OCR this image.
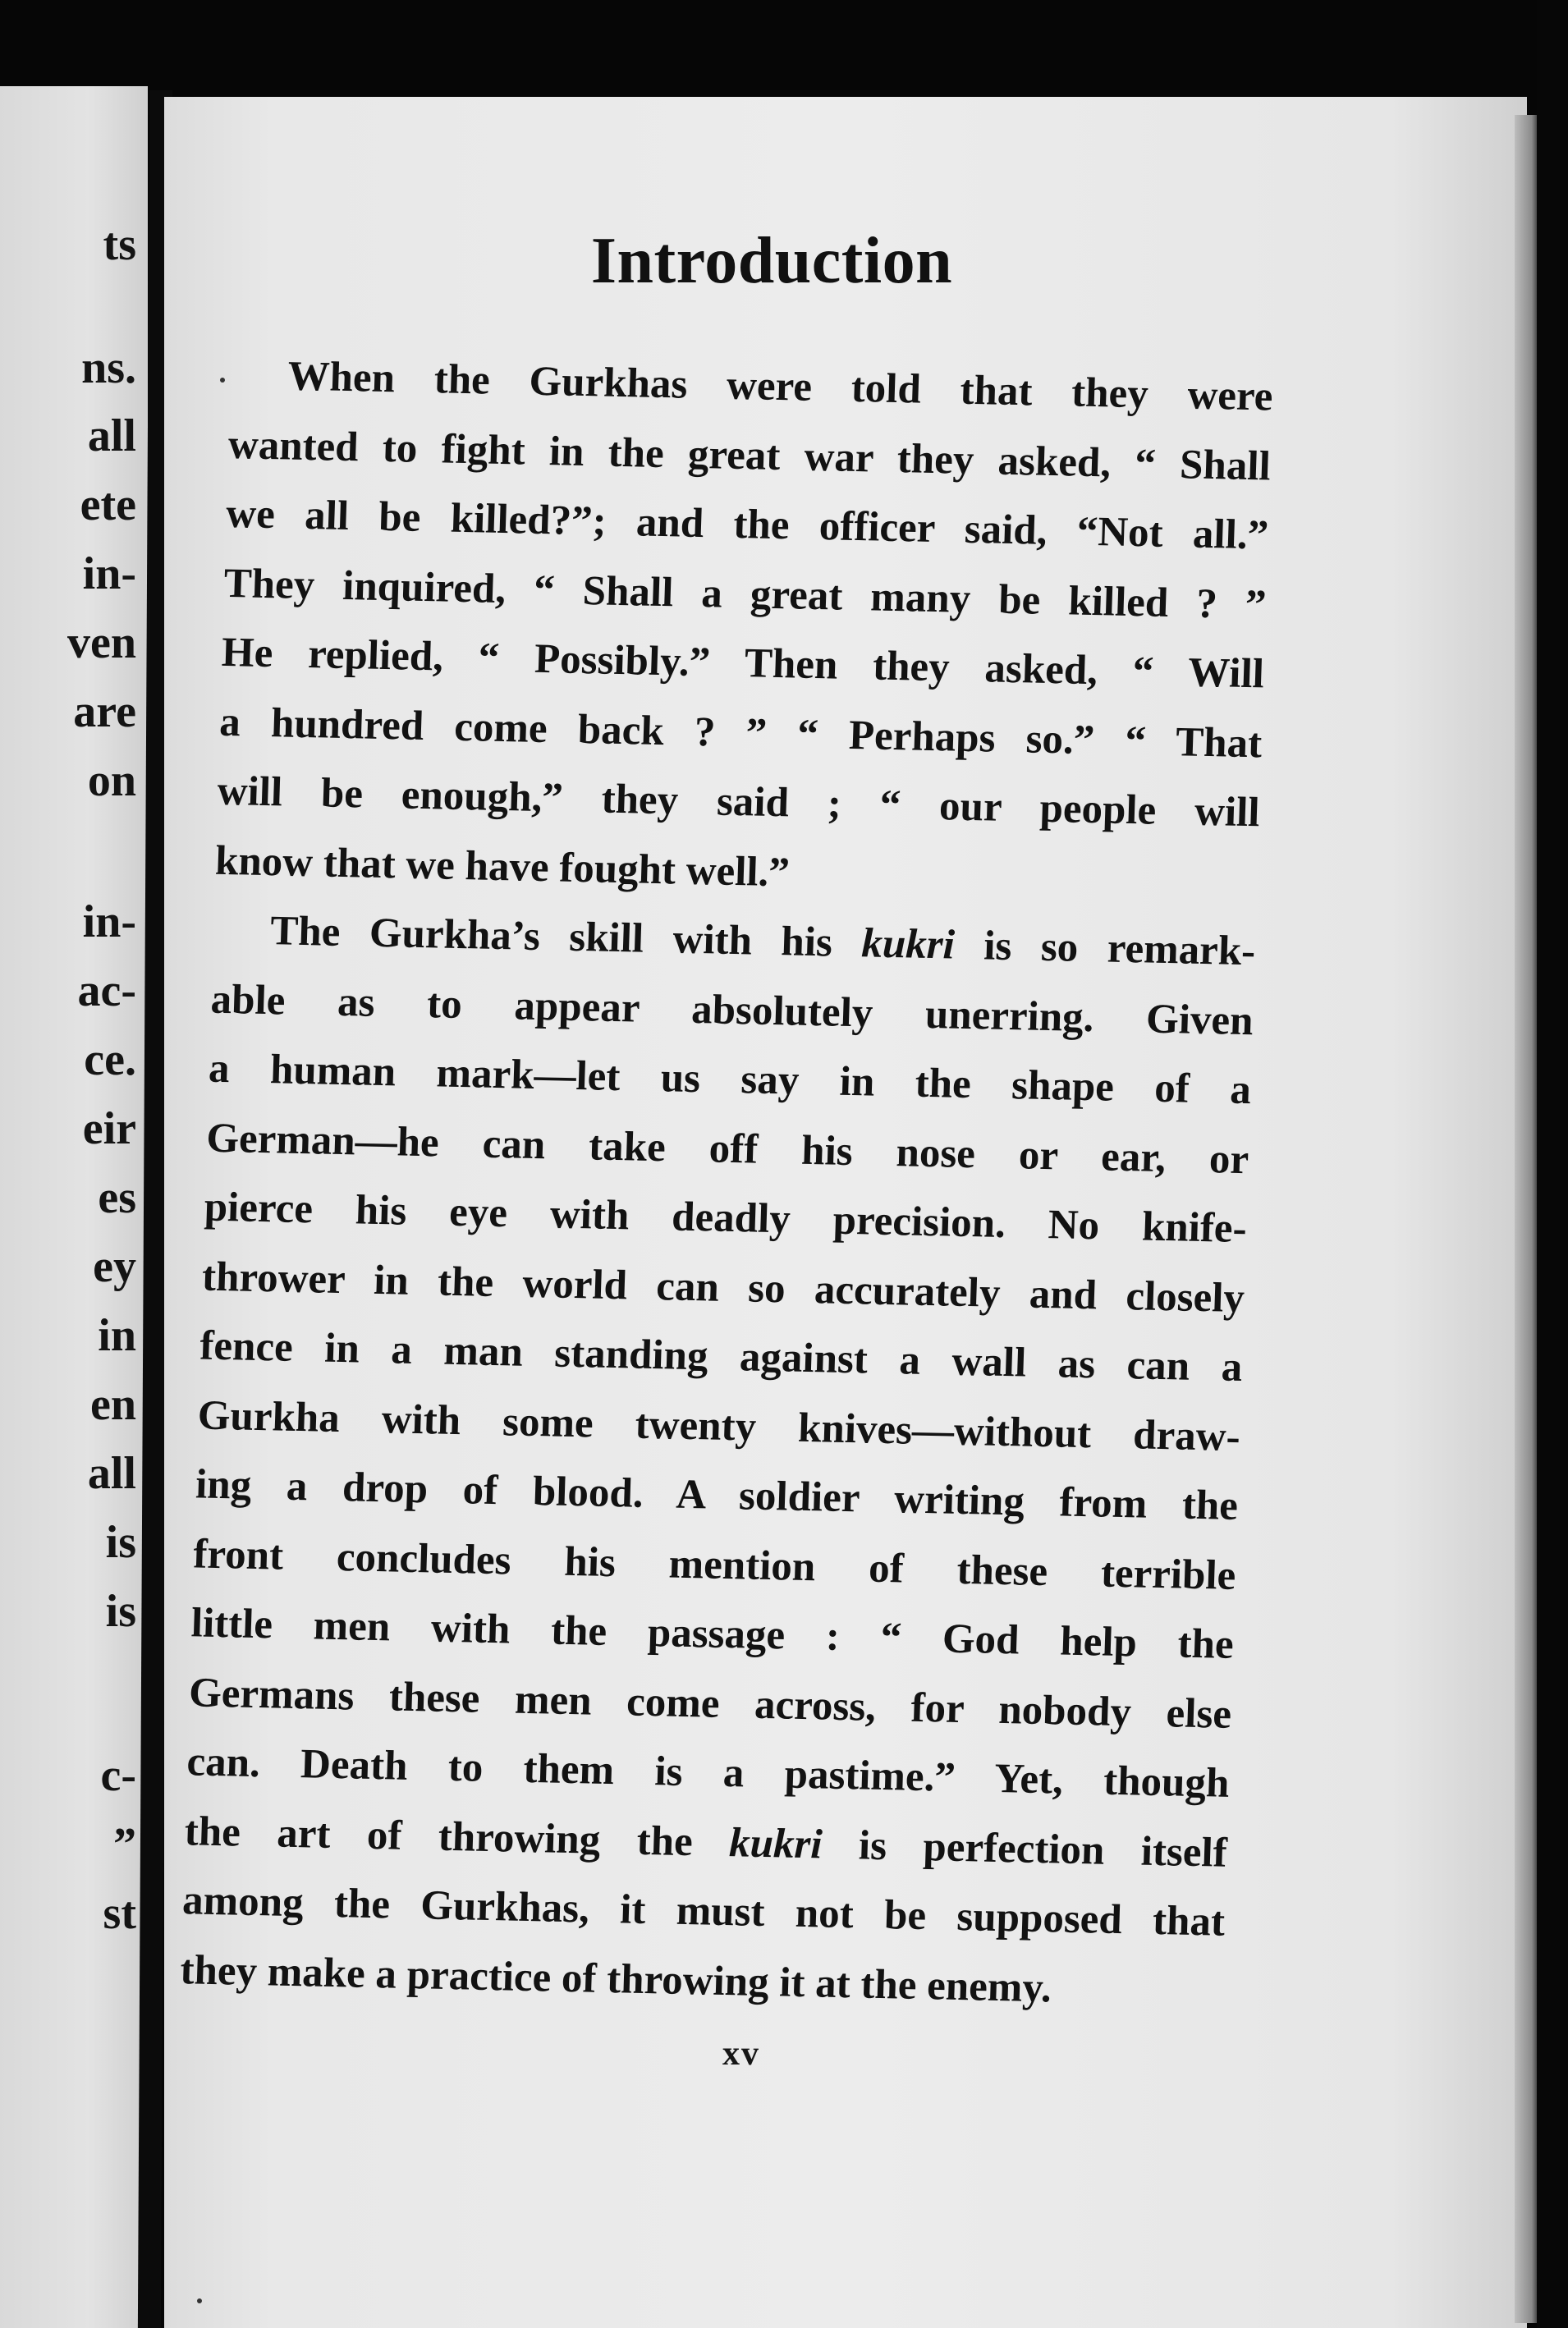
ts
ns.
all
ete
in-
ven
are
on
in-
ac-
ce.
eir
es
ey
in
en
all
is
is
c-
”
st
Introduction
When the Gurkhas were told that they were
wanted to fight in the great war they asked, “ Shall
we all be killed?”; and the officer said, “Not all.”
They inquired, “ Shall a great many be killed ? ”
He replied, “ Possibly.” Then they asked, “ Will
a hundred come back ? ” “ Perhaps so.” “ That
will be enough,” they said ; “ our people will
know that we have fought well.”
The Gurkha’s skill with his kukri is so remark-
able as to appear absolutely unerring. Given
a human mark—let us say in the shape of a
German—he can take off his nose or ear, or
pierce his eye with deadly precision. No knife-
thrower in the world can so accurately and closely
fence in a man standing against a wall as can a
Gurkha with some twenty knives—without draw-
ing a drop of blood. A soldier writing from the
front concludes his mention of these terrible
little men with the passage : “ God help the
Germans these men come across, for nobody else
can. Death to them is a pastime.” Yet, though
the art of throwing the kukri is perfection itself
among the Gurkhas, it must not be supposed that
they make a practice of throwing it at the enemy.
xv
